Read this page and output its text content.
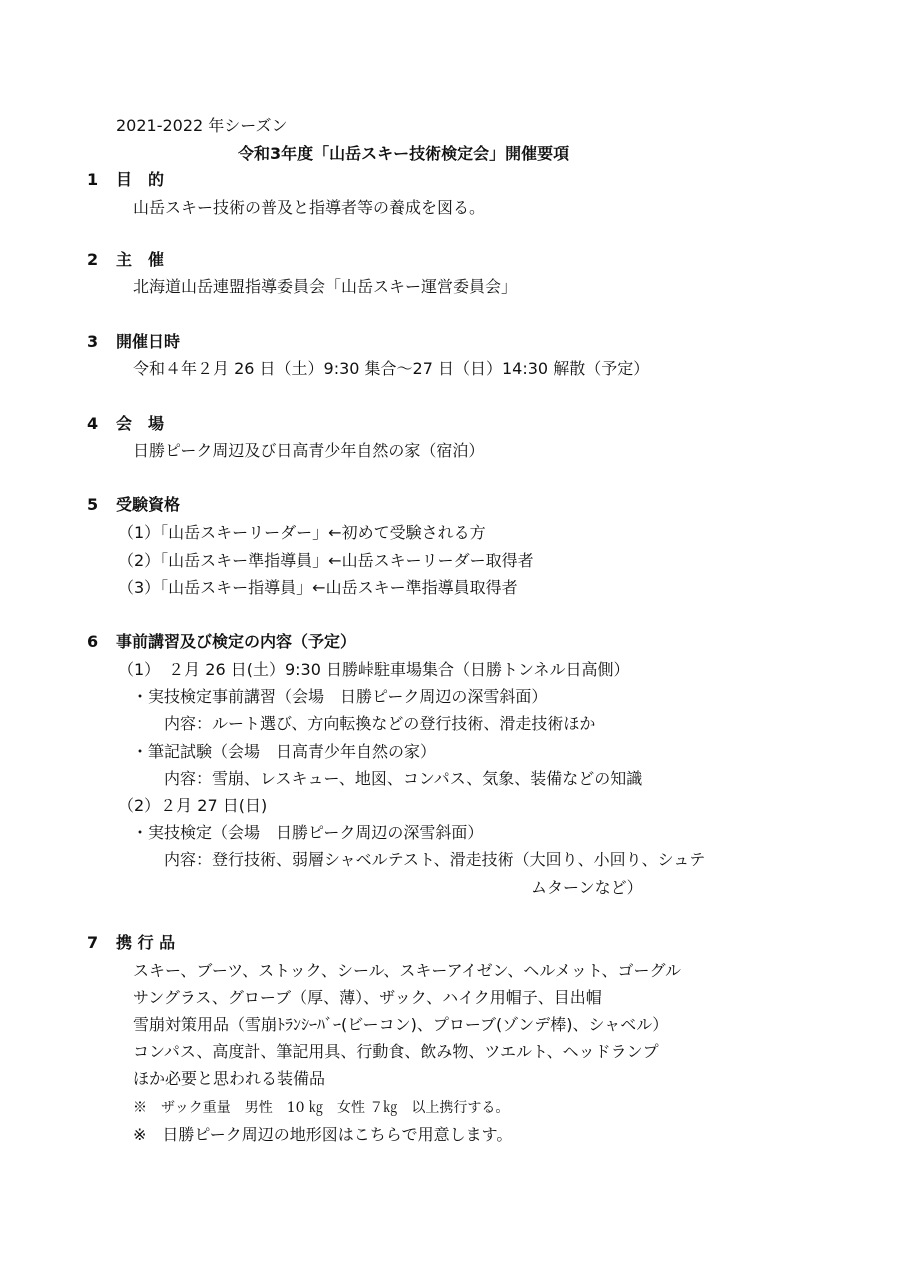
2021-2022 年シーズン
令和3年度「山岳スキー技術検定会」開催要項
1 目　的
山岳スキー技術の普及と指導者等の養成を図る。
2 主　催
北海道山岳連盟指導委員会「山岳スキー運営委員会」
3 開催日時
令和４年２月 26 日（土）9:30 集合～27 日（日）14:30 解散（予定）
4 会　場
日勝ピーク周辺及び日高青少年自然の家（宿泊）
5 受験資格
（1）「山岳スキーリーダー」←初めて受験される方
（2）「山岳スキー準指導員」←山岳スキーリーダー取得者
（3）「山岳スキー指導員」←山岳スキー準指導員取得者
6 事前講習及び検定の内容（予定）
（1）　２月 26 日(土）9:30 日勝峠駐車場集合（日勝トンネル日高側）
・実技検定事前講習（会場　日勝ピーク周辺の深雪斜面）
内容：ルート選び、方向転換などの登行技術、滑走技術ほか
・筆記試験（会場　日高青少年自然の家）
内容：雪崩、レスキュー、地図、コンパス、気象、装備などの知識
（2）２月 27 日(日)
・実技検定（会場　日勝ピーク周辺の深雪斜面）
内容：登行技術、弱層シャベルテスト、滑走技術（大回り、小回り、シュテ
ムターンなど）
7 携 行 品
スキー、ブーツ、ストック、シール、スキーアイゼン、ヘルメット、ゴーグル
サングラス、グローブ（厚、薄）、ザック、ハイク用帽子、目出帽
雪崩対策用品（雪崩ﾄﾗﾝｼｰﾊﾞｰ(ビーコン)、プローブ(ゾンデ棒)、シャベル）
コンパス、高度計、筆記用具、行動食、飲み物、ツエルト、ヘッドランプ
ほか必要と思われる装備品
※　ザック重量　男性　10 ㎏　女性 ７㎏　以上携行する。
※　日勝ピーク周辺の地形図はこちらで用意します。
